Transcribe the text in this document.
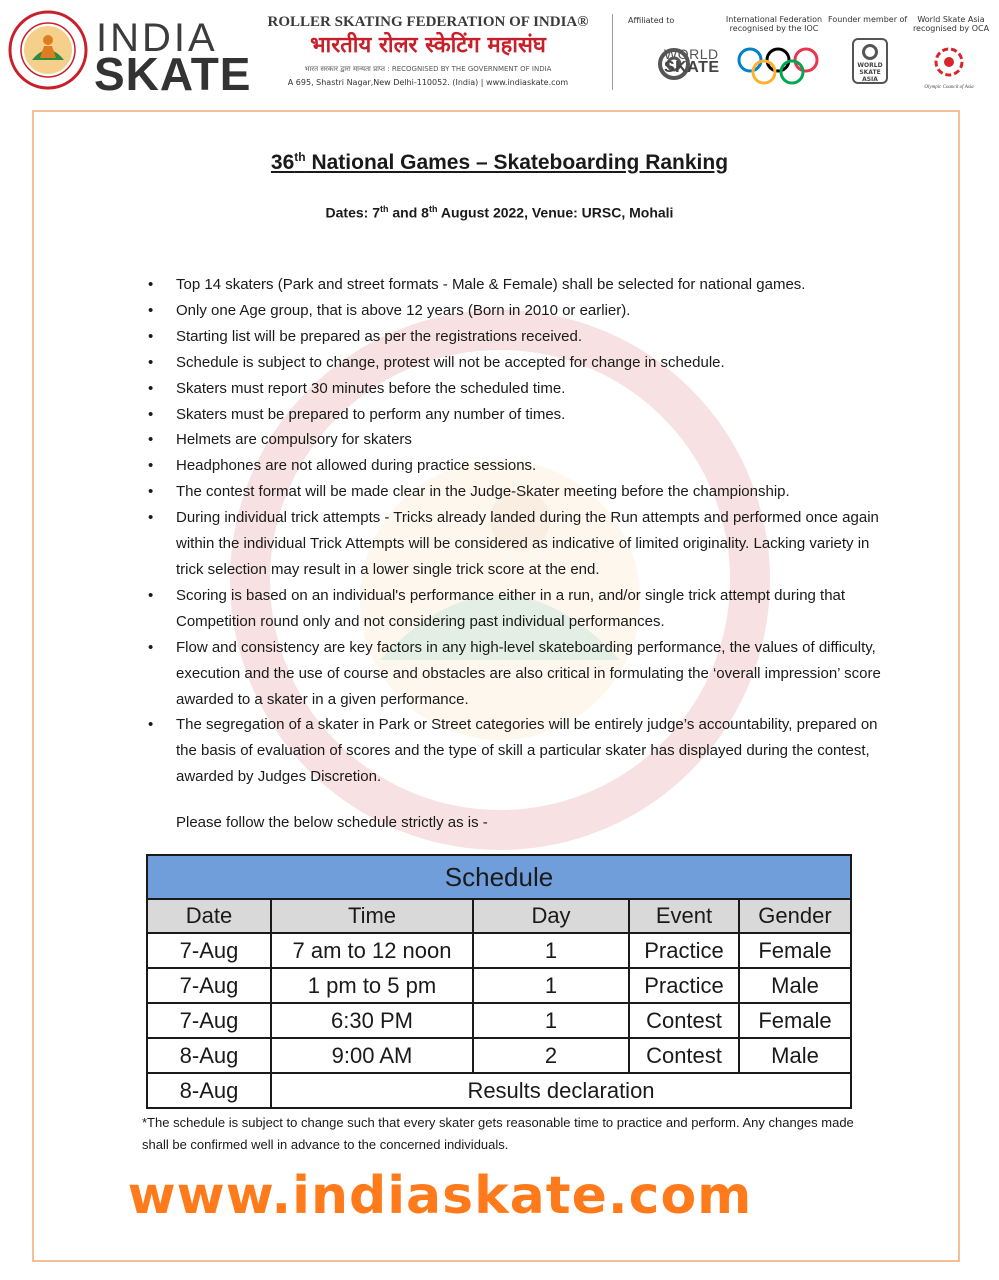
INDIA
SKATE
ROLLER SKATING FEDERATION OF INDIA®
भारतीय रोलर स्केटिंग महासंघ
भारत सरकार द्वारा मान्यता प्राप्त : RECOGNISED BY THE GOVERNMENT OF INDIA
A 695, Shastri Nagar,New Delhi-110052. (India) | www.indiaskate.com
Affiliated to	International Federation recognised by the IOC
Founder member of	World Skate Asia recognised by OCA
WORLD
SKATE	WORLD
SKATE
ASIA
Olympic Council of Asia
36th National Games – Skateboarding Ranking
Dates: 7th and 8th August 2022, Venue: URSC, Mohali
• Top 14 skaters (Park and street formats - Male & Female) shall be selected for national games.
• Only one Age group, that is above 12 years (Born in 2010 or earlier).
• Starting list will be prepared as per the registrations received.
• Schedule is subject to change, protest will not be accepted for change in schedule.
• Skaters must report 30 minutes before the scheduled time.
• Skaters must be prepared to perform any number of times.
• Helmets are compulsory for skaters
• Headphones are not allowed during practice sessions.
• The contest format will be made clear in the Judge-Skater meeting before the championship.
• During individual trick attempts - Tricks already landed during the Run attempts and performed once again within the individual Trick Attempts will be considered as indicative of limited originality. Lacking variety in trick selection may result in a lower single trick score at the end.
• Scoring is based on an individual's performance either in a run, and/or single trick attempt during that Competition round only and not considering past individual performances.
• Flow and consistency are key factors in any high-level skateboarding performance, the values of difficulty, execution and the use of course and obstacles are also critical in formulating the ‘overall impression’ score awarded to a skater in a given performance.
• The segregation of a skater in Park or Street categories will be entirely judge’s accountability, prepared on the basis of evaluation of scores and the type of skill a particular skater has displayed during the contest, awarded by Judges Discretion.
Please follow the below schedule strictly as is -
Schedule				
Date	Time	Day	Event	Gender
7-Aug	7 am to 12 noon	1	Practice	Female
7-Aug	1 pm to 5 pm	1	Practice	Male
7-Aug	6:30 PM	1	Contest	Female
8-Aug	9:00 AM	2	Contest	Male
8-Aug	Results declaration			
*The schedule is subject to change such that every skater gets reasonable time to practice and perform. Any changes made shall be confirmed well in advance to the concerned individuals.
www.indiaskate.com
